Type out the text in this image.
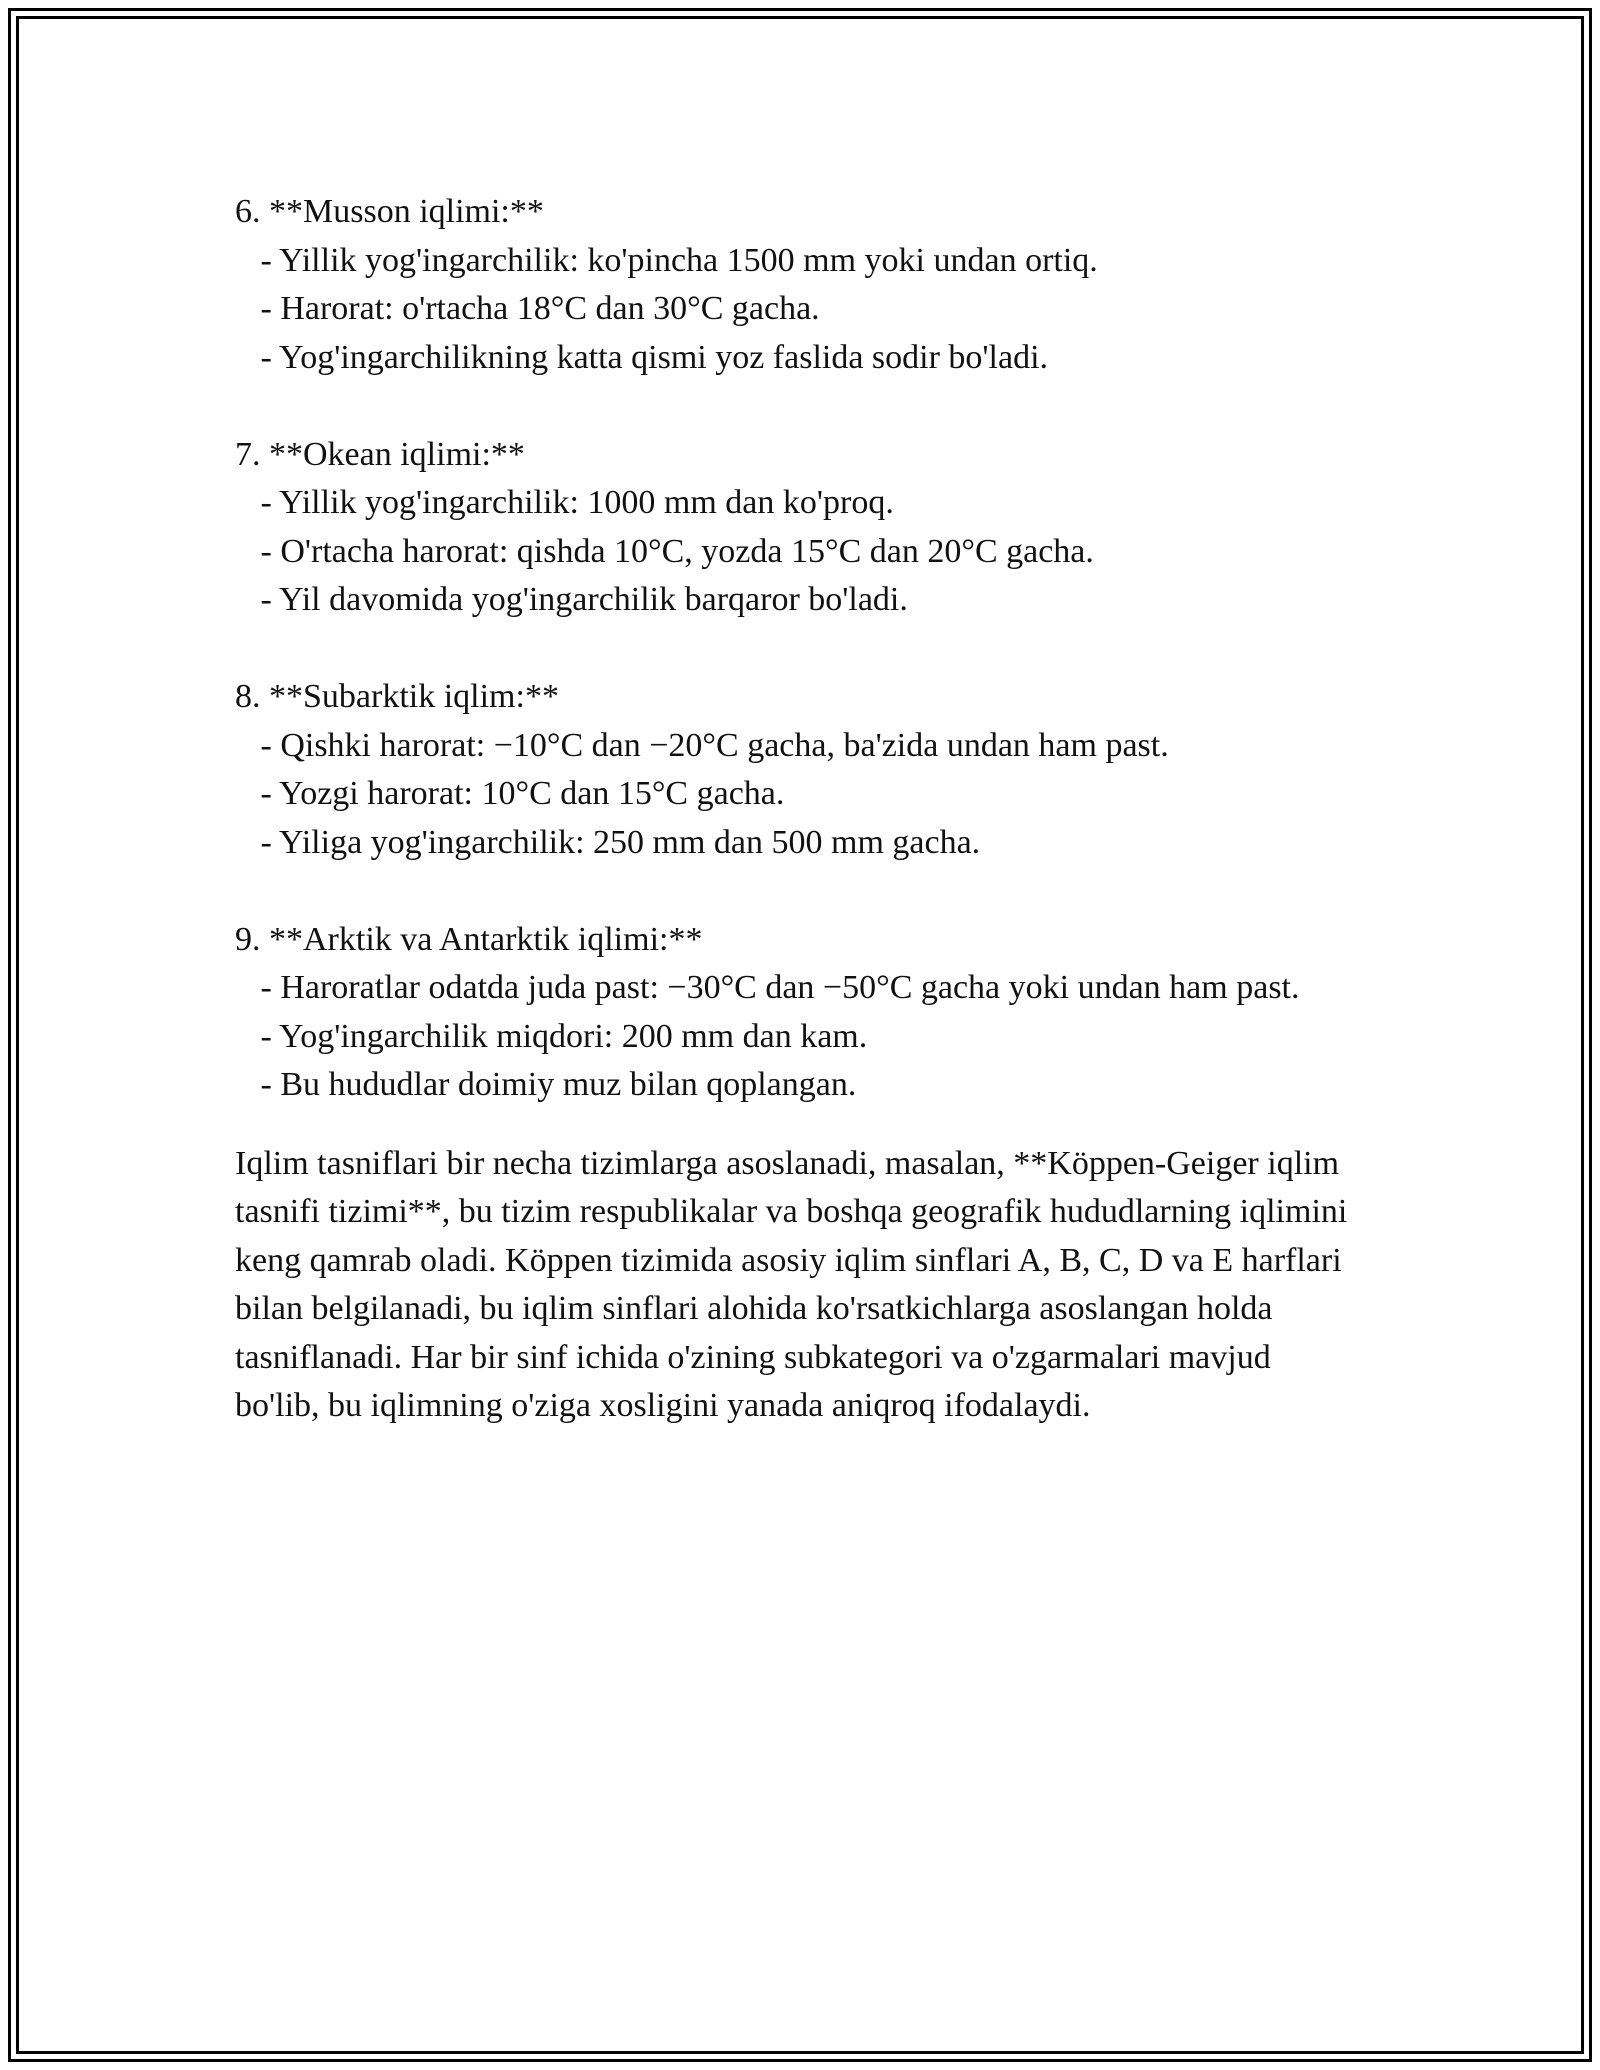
6. **Musson iqlimi:**
- Yillik yog'ingarchilik: ko'pincha 1500 mm yoki undan ortiq.
- Harorat: o'rtacha 18°C dan 30°C gacha.
- Yog'ingarchilikning katta qismi yoz faslida sodir bo'ladi.
7. **Okean iqlimi:**
- Yillik yog'ingarchilik: 1000 mm dan ko'proq.
- O'rtacha harorat: qishda 10°C, yozda 15°C dan 20°C gacha.
- Yil davomida yog'ingarchilik barqaror bo'ladi.
8. **Subarktik iqlim:**
- Qishki harorat: −10°C dan −20°C gacha, ba'zida undan ham past.
- Yozgi harorat: 10°C dan 15°C gacha.
- Yiliga yog'ingarchilik: 250 mm dan 500 mm gacha.
9. **Arktik va Antarktik iqlimi:**
- Haroratlar odatda juda past: −30°C dan −50°C gacha yoki undan ham past.
- Yog'ingarchilik miqdori: 200 mm dan kam.
- Bu hududlar doimiy muz bilan qoplangan.
Iqlim tasniflari bir necha tizimlarga asoslanadi, masalan, **Köppen-Geiger iqlim tasnifi tizimi**, bu tizim respublikalar va boshqa geografik hududlarning iqlimini keng qamrab oladi. Köppen tizimida asosiy iqlim sinflari A, B, C, D va E harflari bilan belgilanadi, bu iqlim sinflari alohida ko'rsatkichlarga asoslangan holda tasniflanadi. Har bir sinf ichida o'zining subkategori va o'zgarmalari mavjud bo'lib, bu iqlimning o'ziga xosligini yanada aniqroq ifodalaydi.
